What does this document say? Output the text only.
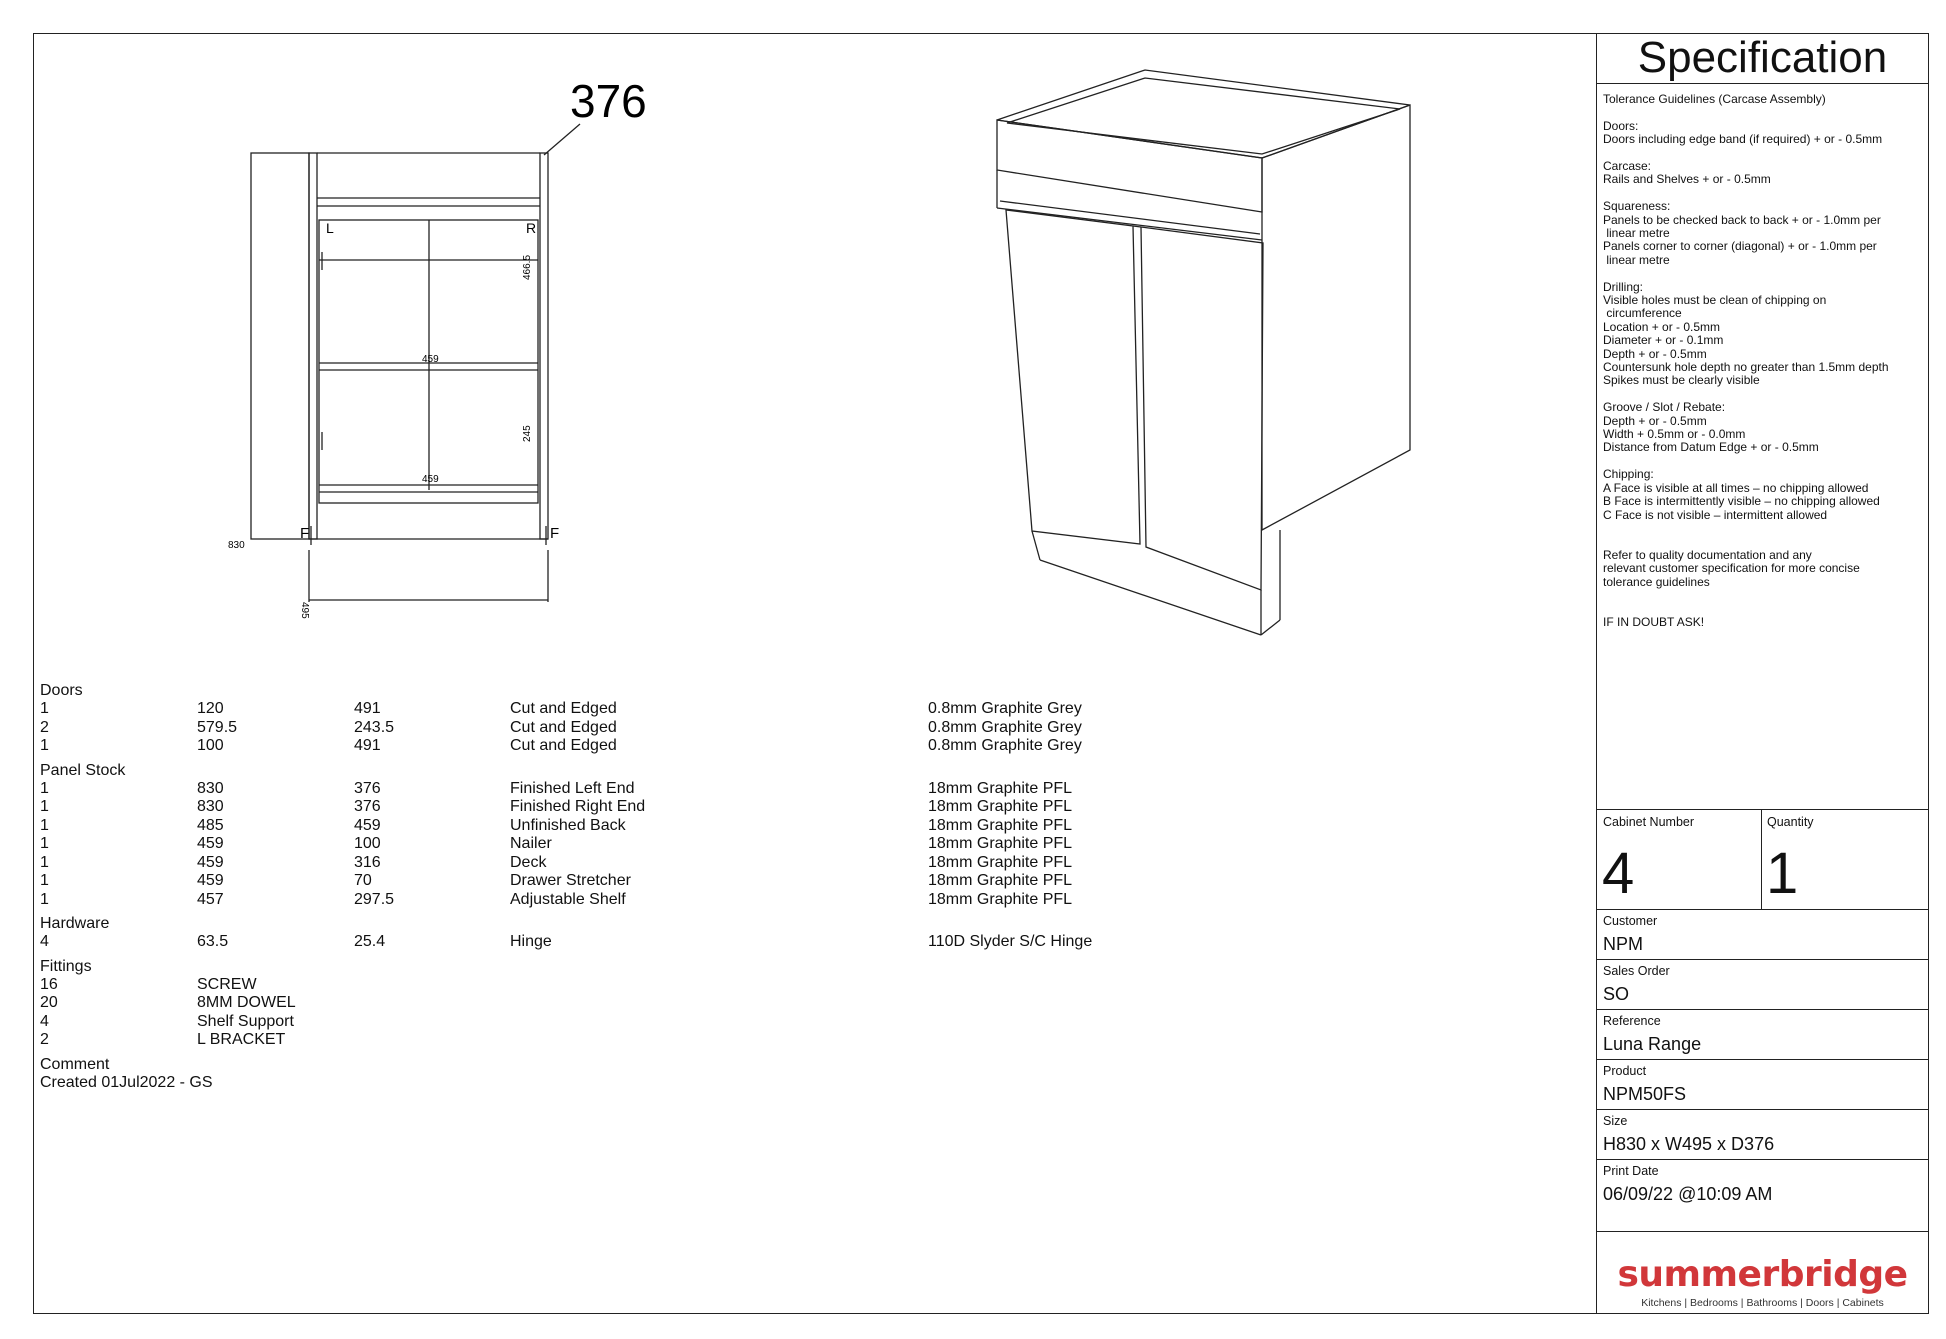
376
L	R
459
459
466.5
245
830
495
F	F
Doors
1	120	491	Cut and Edged	0.8mm Graphite Grey
2	579.5	243.5	Cut and Edged	0.8mm Graphite Grey
1	100	491	Cut and Edged	0.8mm Graphite Grey
Panel Stock
1	830	376	Finished Left End	18mm Graphite PFL
1	830	376	Finished Right End	18mm Graphite PFL
1	485	459	Unfinished Back	18mm Graphite PFL
1	459	100	Nailer	18mm Graphite PFL
1	459	316	Deck	18mm Graphite PFL
1	459	70	Drawer Stretcher	18mm Graphite PFL
1	457	297.5	Adjustable Shelf	18mm Graphite PFL
Hardware
4	63.5	25.4	Hinge	110D Slyder S/C Hinge
Fittings
16	SCREW
20	8MM DOWEL
4	Shelf Support
2	L BRACKET
Comment
Created 01Jul2022 - GS
Specification

Tolerance Guidelines (Carcase Assembly)

Doors:
Doors including edge band (if required) + or - 0.5mm

Carcase:
Rails and Shelves + or - 0.5mm

Squareness:
Panels to be checked back to back + or - 1.0mm per
linear metre
Panels corner to corner (diagonal) + or - 1.0mm per
linear metre

Drilling:
Visible holes must be clean of chipping on
circumference
Location + or - 0.5mm
Diameter + or - 0.1mm
Depth + or - 0.5mm
Countersunk hole depth no greater than 1.5mm depth
Spikes must be clearly visible

Groove / Slot / Rebate:
Depth + or - 0.5mm
Width + 0.5mm or - 0.0mm
Distance from Datum Edge + or - 0.5mm

Chipping:
A Face is visible at all times – no chipping allowed
B Face is intermittently visible – no chipping allowed
C Face is not visible – intermittent allowed

Refer to quality documentation and any
relevant customer specification for more concise
tolerance guidelines

IF IN DOUBT ASK!

Cabinet Number
4
Quantity
1
Customer
NPM
Sales Order
SO
Reference
Luna Range
Product
NPM50FS
Size
H830 x W495 x D376
Print Date
06/09/22 @10:09 AM
summerbridge
Kitchens | Bedrooms | Bathrooms | Doors | Cabinets
